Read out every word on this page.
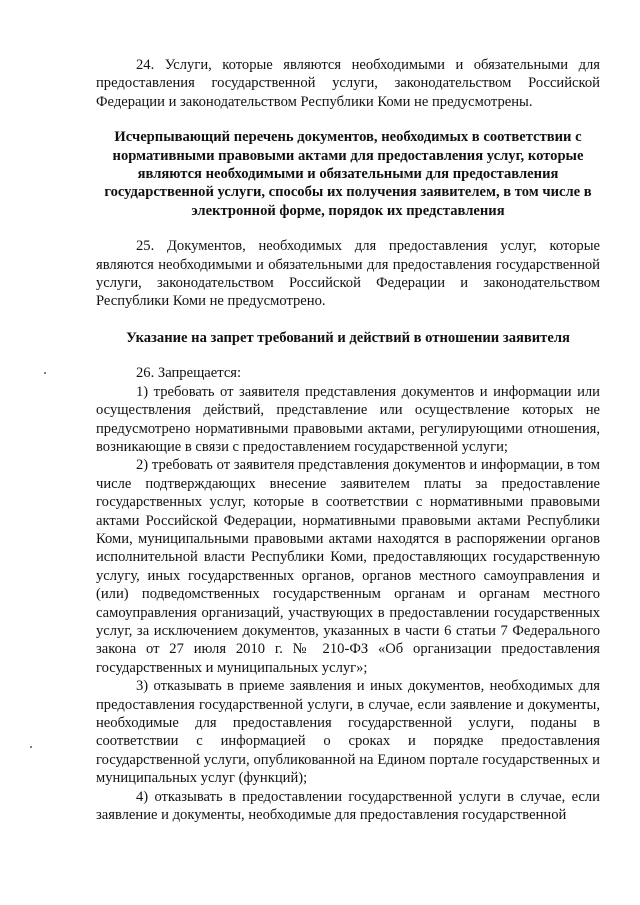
24. Услуги, которые являются необходимыми и обязательными для предоставления государственной услуги, законодательством Российской Федерации и законодательством Республики Коми не предусмотрены.

Исчерпывающий перечень документов, необходимых в соответствии с нормативными правовыми актами для предоставления услуг, которые являются необходимыми и обязательными для предоставления государственной услуги, способы их получения заявителем, в том числе в электронной форме, порядок их представления

25. Документов, необходимых для предоставления услуг, которые являются необходимыми и обязательными для предоставления государственной услуги, законодательством Российской Федерации и законодательством Республики Коми не предусмотрено.

Указание на запрет требований и действий в отношении заявителя

26. Запрещается:

1) требовать от заявителя представления документов и информации или осуществления действий, представление или осуществление которых не предусмотрено нормативными правовыми актами, регулирующими отношения, возникающие в связи с предоставлением государственной услуги;

2) требовать от заявителя представления документов и информации, в том числе подтверждающих внесение заявителем платы за предоставление государственных услуг, которые в соответствии с нормативными правовыми актами Российской Федерации, нормативными правовыми актами Республики Коми, муниципальными правовыми актами находятся в распоряжении органов исполнительной власти Республики Коми, предоставляющих государственную услугу, иных государственных органов, органов местного самоуправления и (или) подведомственных государственным органам и органам местного самоуправления организаций, участвующих в предоставлении государственных услуг, за исключением документов, указанных в части 6 статьи 7 Федерального закона от 27 июля 2010 г. № 210-ФЗ «Об организации предоставления государственных и муниципальных услуг»;

3) отказывать в приеме заявления и иных документов, необходимых для предоставления государственной услуги, в случае, если заявление и документы, необходимые для предоставления государственной услуги, поданы в соответствии с информацией о сроках и порядке предоставления государственной услуги, опубликованной на Едином портале государственных и муниципальных услуг (функций);

4) отказывать в предоставлении государственной услуги в случае, если заявление и документы, необходимые для предоставления государственной
